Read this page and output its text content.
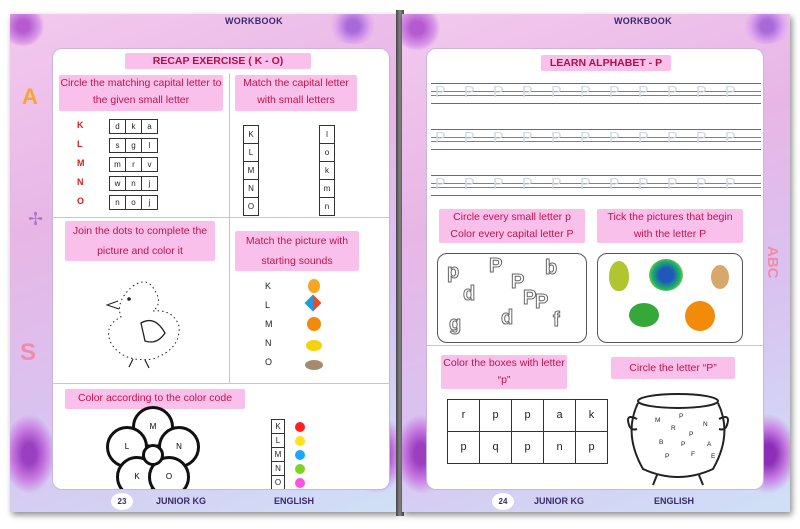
A
✢
S
WORKBOOK
RECAP EXERCISE ( K - O)
Circle the matching capital letter to the given small letter
K	d	k	a
L	s	g	l
M	m	r	v
N	w	n	j
O	n	o	j
Match the capital letter with small letters
K
L
M
N
O
l
o
k
m
n
Join the dots to complete the picture and color it
Match the picture with starting sounds
K
L
M
N
O
Color according to the color code
M
L	N
K	O
K
L
M
N
O
23	JUNIOR KG	ENGLISH
ABC
WORKBOOK
LEARN ALPHABET - P
P P P P P P P P P P P
P P P P P P P P P P P
P P P P P P P P P P P
Circle every small letter p
Color every capital letter P
p P b
d
P
P
d
g	f
P
Tick the pictures that begin with the letter P
Color the boxes with letter “p”
r	p	p	a	k
p	q	p	n	p
Circle the letter “P”
M
P
N
R
P
B	P	A
P	F E
24	JUNIOR KG	ENGLISH
